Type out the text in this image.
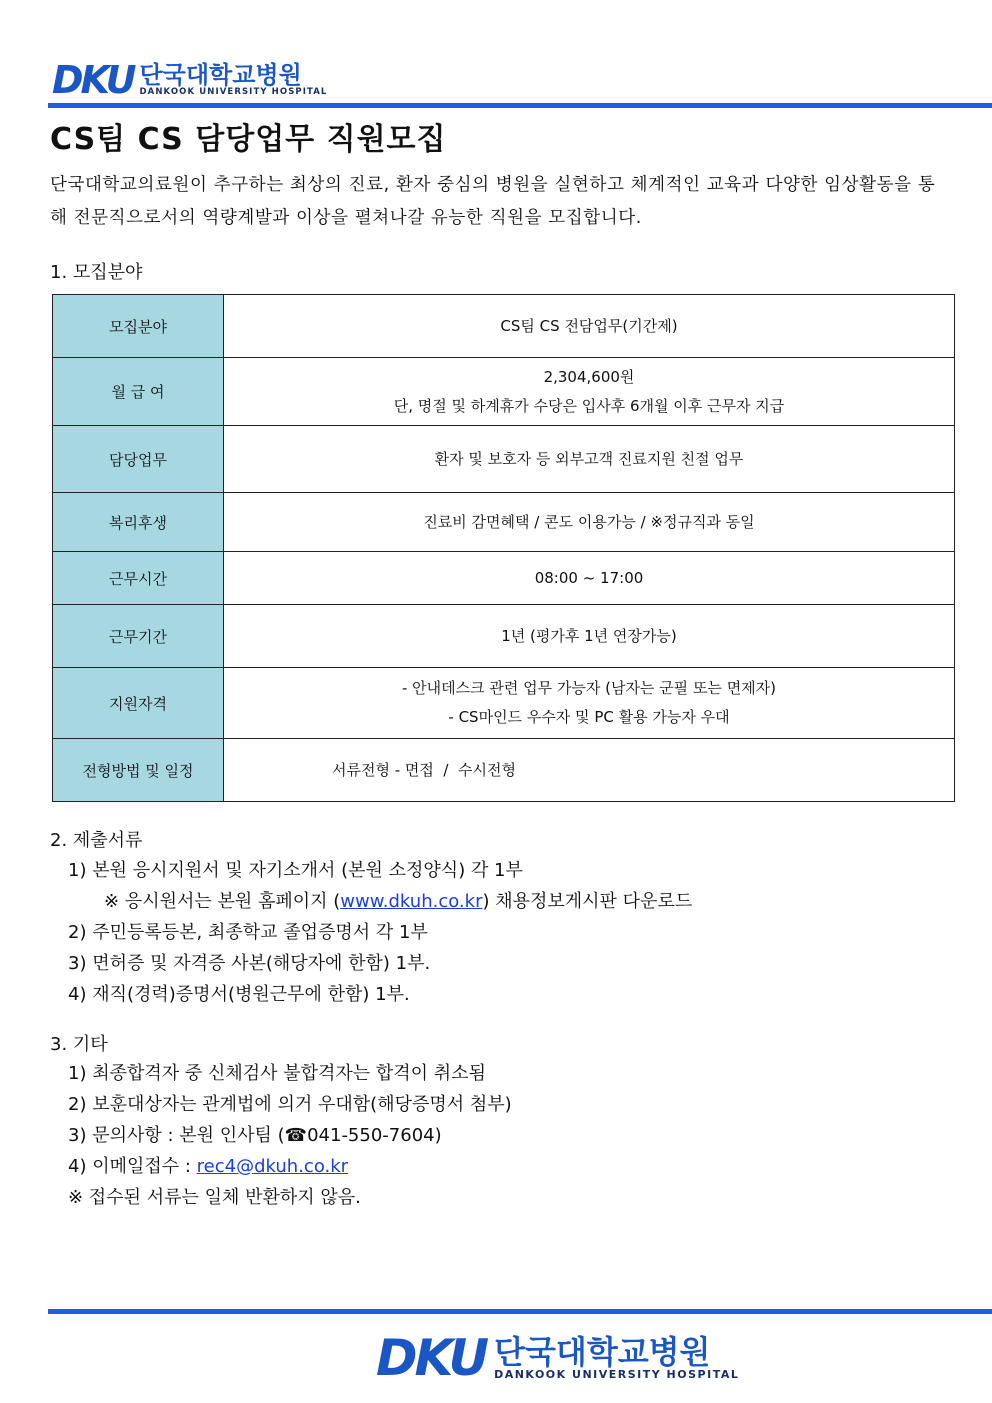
DKU 단국대학교병원
DANKOOK UNIVERSITY HOSPITAL
CS팀 CS 담당업무 직원모집

단국대학교의료원이 추구하는 최상의 진료, 환자 중심의 병원을 실현하고 체계적인 교육과 다양한 임상활동을 통해 전문직으로서의 역량계발과 이상을 펼쳐나갈 유능한 직원을 모집합니다.

1. 모집분야
모집분야	CS팀 CS 전담업무(기간제)

월 급 여	2,304,600원
단, 명절 및 하계휴가 수당은 입사후 6개월 이후 근무자 지급

담당업무	환자 및 보호자 등 외부고객 진료지원 친절 업무

복리후생	진료비 감면혜택 / 콘도 이용가능 / ※정규직과 동일

근무시간	08:00 ~ 17:00

근무기간	1년 (평가후 1년 연장가능)

지원자격	- 안내데스크 관련 업무 가능자 (남자는 군필 또는 면제자)
- CS마인드 우수자 및 PC 활용 가능자 우대

전형방법 및 일정	서류전형 - 면접  /  수시전형
2. 제출서류
1) 본원 응시지원서 및 자기소개서 (본원 소정양식) 각 1부
※ 응시원서는 본원 홈페이지 (www.dkuh.co.kr) 채용정보게시판 다운로드
2) 주민등록등본, 최종학교 졸업증명서 각 1부
3) 면허증 및 자격증 사본(해당자에 한함) 1부.
4) 재직(경력)증명서(병원근무에 한함) 1부.
3. 기타
1) 최종합격자 중 신체검사 불합격자는 합격이 취소됨
2) 보훈대상자는 관계법에 의거 우대함(해당증명서 첨부)
3) 문의사항 : 본원 인사팀 (☎041-550-7604)
4) 이메일접수 : rec4@dkuh.co.kr
※ 접수된 서류는 일체 반환하지 않음.
DKU 단국대학교병원
DANKOOK UNIVERSITY HOSPITAL
